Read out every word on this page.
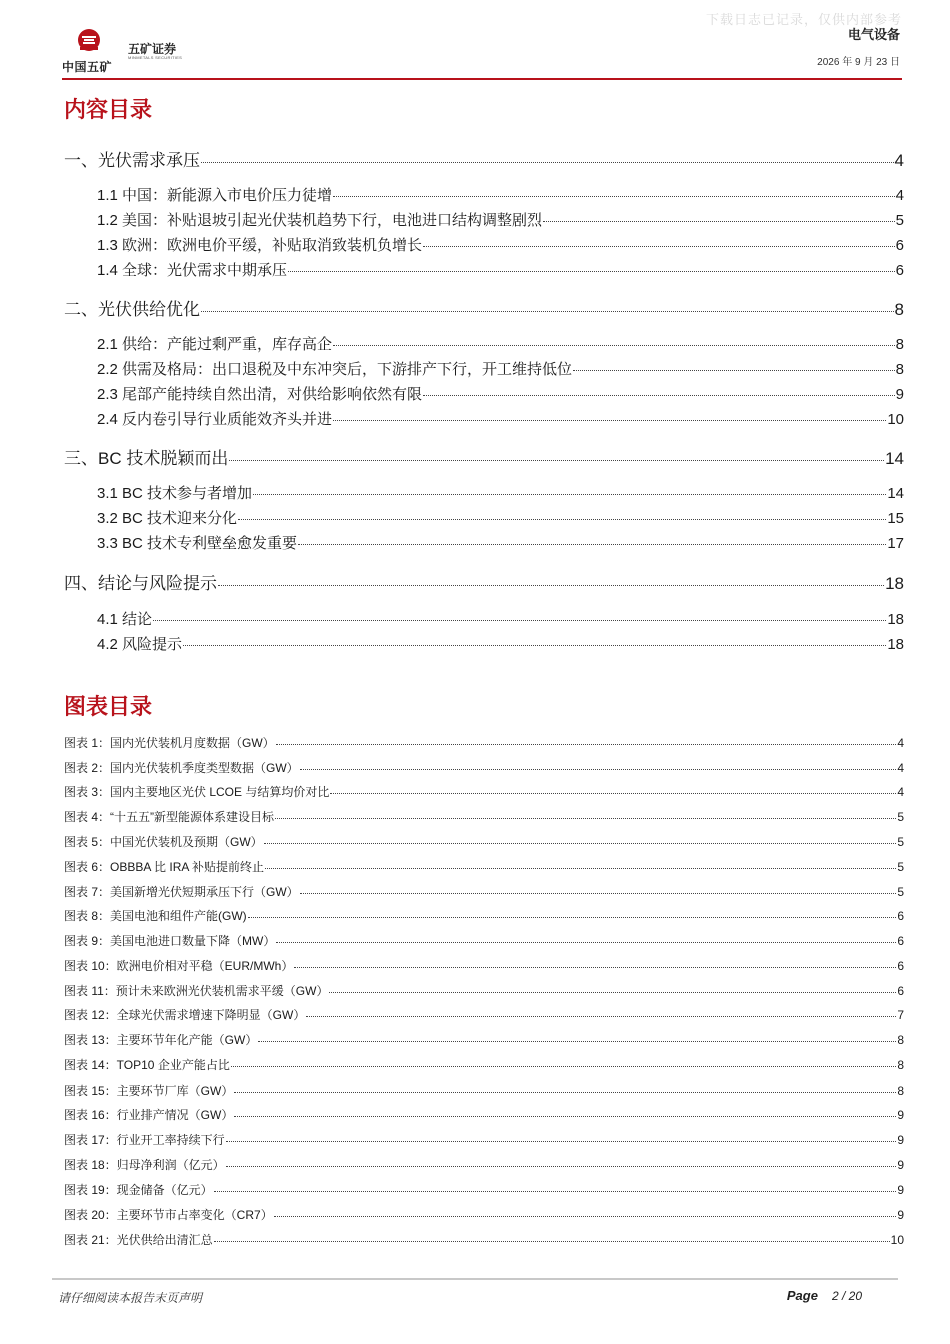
下载日志已记录，仅供内部参考
中国五矿
五矿证券
MINMETALS SECURITIES
电气设备
2026 年 9 月 23 日
内容目录
一、光伏需求承压	4
1.1 中国：新能源入市电价压力徒增	4
1.2 美国：补贴退坡引起光伏装机趋势下行，电池进口结构调整剧烈	5
1.3 欧洲：欧洲电价平缓，补贴取消致装机负增长	6
1.4 全球：光伏需求中期承压	6
二、光伏供给优化	8
2.1 供给：产能过剩严重，库存高企	8
2.2 供需及格局：出口退税及中东冲突后，下游排产下行，开工维持低位	8
2.3 尾部产能持续自然出清，对供给影响依然有限	9
2.4 反内卷引导行业质能效齐头并进	10
三、BC 技术脱颖而出	14
3.1 BC 技术参与者增加	14
3.2 BC 技术迎来分化	15
3.3 BC 技术专利壁垒愈发重要	17
四、结论与风险提示	18
4.1 结论	18
4.2 风险提示	18
图表目录
图表 1：国内光伏装机月度数据（GW）	4
图表 2：国内光伏装机季度类型数据（GW）	4
图表 3：国内主要地区光伏 LCOE 与结算均价对比	4
图表 4：“十五五”新型能源体系建设目标	5
图表 5：中国光伏装机及预期（GW）	5
图表 6：OBBBA 比 IRA 补贴提前终止	5
图表 7：美国新增光伏短期承压下行（GW）	5
图表 8：美国电池和组件产能(GW)	6
图表 9：美国电池进口数量下降（MW）	6
图表 10：欧洲电价相对平稳（EUR/MWh）	6
图表 11：预计未来欧洲光伏装机需求平缓（GW）	6
图表 12：全球光伏需求增速下降明显（GW）	7
图表 13：主要环节年化产能（GW）	8
图表 14：TOP10 企业产能占比	8
图表 15：主要环节厂库（GW）	8
图表 16：行业排产情况（GW）	9
图表 17：行业开工率持续下行	9
图表 18：归母净利润（亿元）	9
图表 19：现金储备（亿元）	9
图表 20：主要环节市占率变化（CR7）	9
图表 21：光伏供给出清汇总	10
请仔细阅读本报告末页声明	Page 2 / 20
